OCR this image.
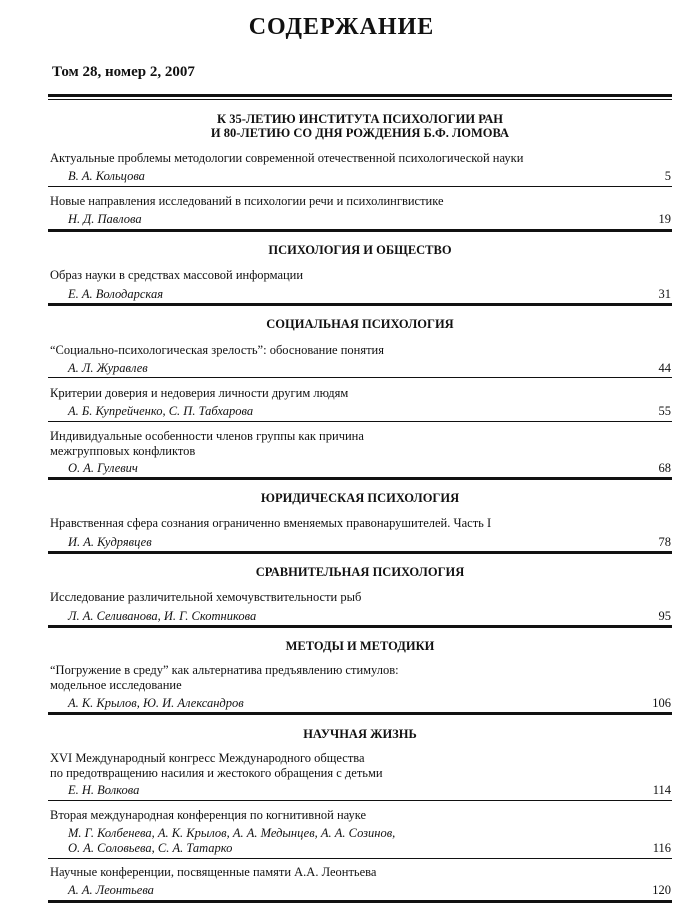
СОДЕРЖАНИЕ
Том 28, номер 2, 2007
К 35-ЛЕТИЮ ИНСТИТУТА ПСИХОЛОГИИ РАН
И 80-ЛЕТИЮ СО ДНЯ РОЖДЕНИЯ Б.Ф. ЛОМОВА
Актуальные проблемы методологии современной отечественной психологической науки
В. А. Кольцова	5
Новые направления исследований в психологии речи и психолингвистике
Н. Д. Павлова	19
ПСИХОЛОГИЯ И ОБЩЕСТВО
Образ науки в средствах массовой информации
Е. А. Володарская	31
СОЦИАЛЬНАЯ ПСИХОЛОГИЯ
“Социально-психологическая зрелость”: обоснование понятия
А. Л. Журавлев	44
Критерии доверия и недоверия личности другим людям
А. Б. Купрейченко, С. П. Табхарова	55
Индивидуальные особенности членов группы как причина
межгрупповых конфликтов
О. А. Гулевич	68
ЮРИДИЧЕСКАЯ ПСИХОЛОГИЯ
Нравственная сфера сознания ограниченно вменяемых правонарушителей. Часть I
И. А. Кудрявцев	78
СРАВНИТЕЛЬНАЯ ПСИХОЛОГИЯ
Исследование различительной хемочувствительности рыб
Л. А. Селиванова, И. Г. Скотникова	95
МЕТОДЫ И МЕТОДИКИ
“Погружение в среду” как альтернатива предъявлению стимулов:
модельное исследование
А. К. Крылов, Ю. И. Александров	106
НАУЧНАЯ ЖИЗНЬ
XVI Международный конгресс Международного общества
по предотвращению насилия и жестокого обращения с детьми
Е. Н. Волкова	114
Вторая международная конференция по когнитивной науке
М. Г. Колбенева, А. К. Крылов, А. А. Медынцев, А. А. Созинов,
О. А. Соловьева, С. А. Татарко	116
Научные конференции, посвященные памяти А.А. Леонтьева
А. А. Леонтьева	120
